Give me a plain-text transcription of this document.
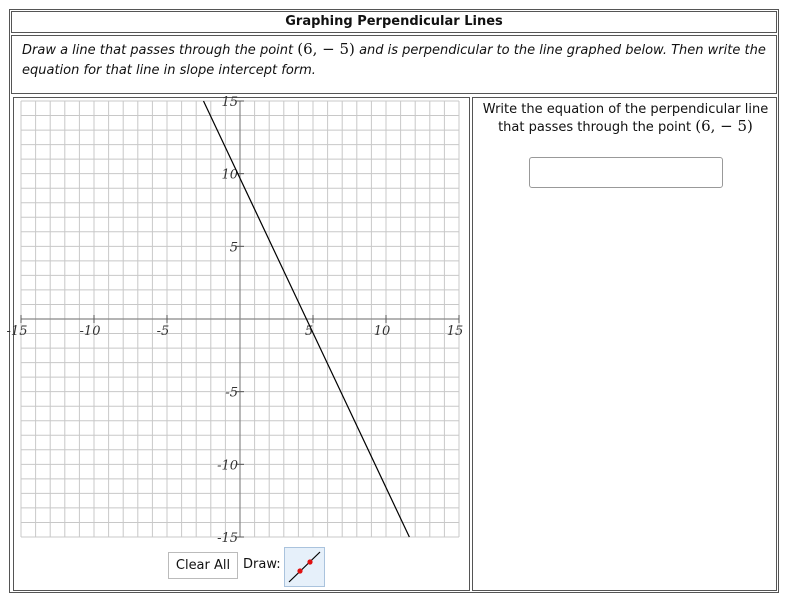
Graphing Perpendicular Lines
Draw a line that passes through the point (6, − 5) and is perpendicular to the line graphed below. Then write the
equation for that line in slope intercept form.
-15	-10	-5	5	10	15
-15
-10
-5
5
10
15
Clear All Draw:
Write the equation of the perpendicular line
that passes through the point (6, − 5)
